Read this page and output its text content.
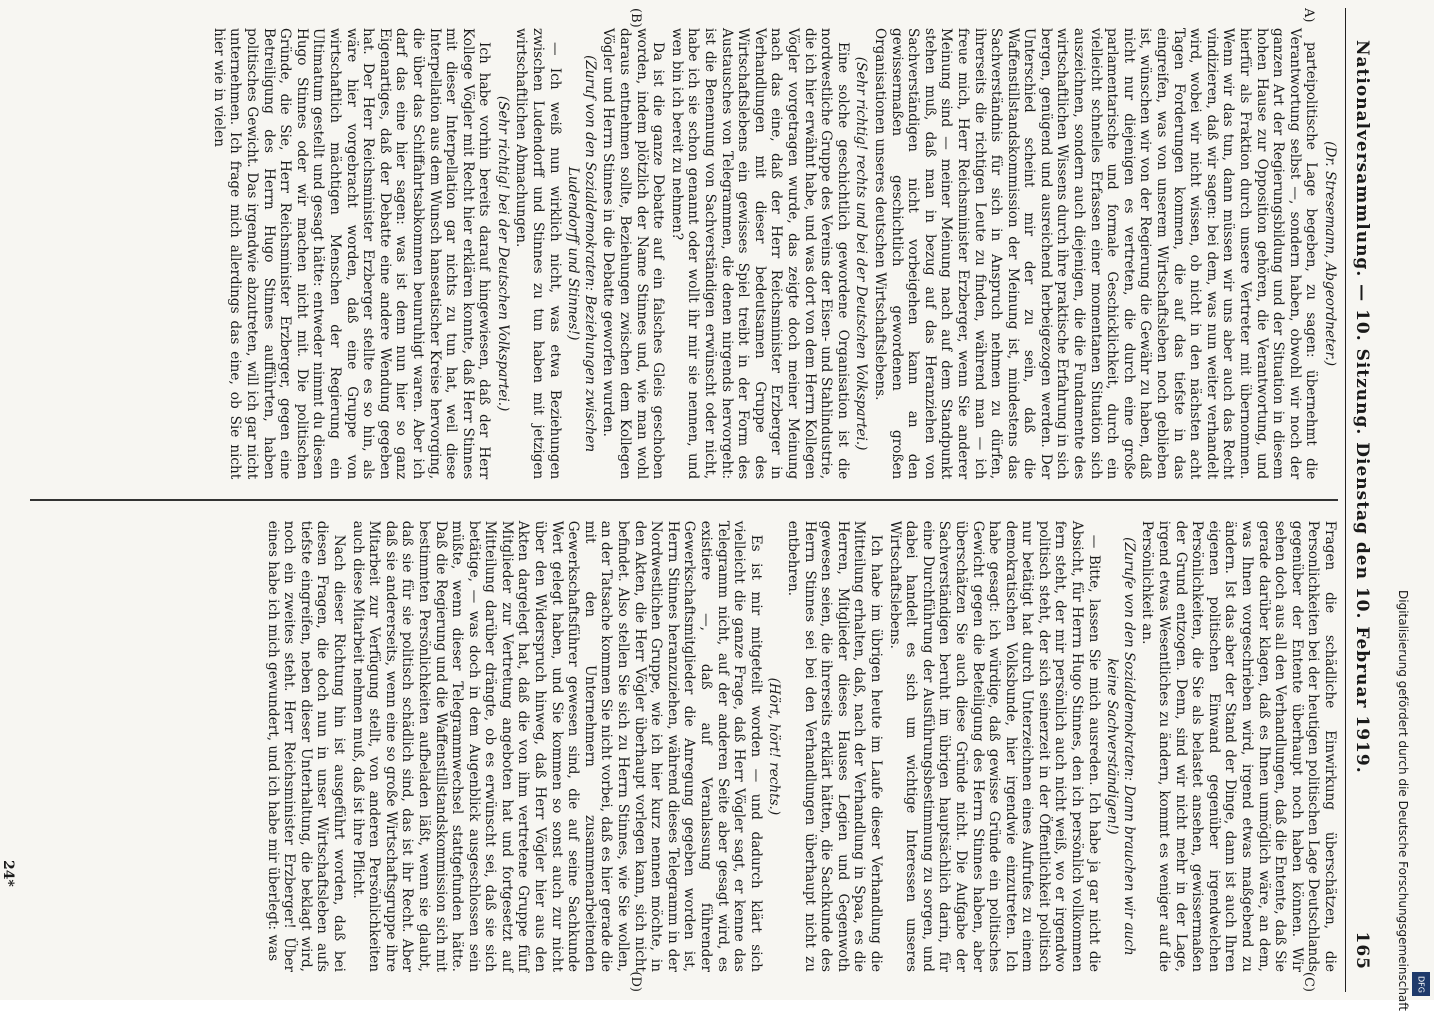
Nationalversammlung. — 10. Sitzung. Dienstag den 10. Februar 1919.
165
A)
(B)

(Dr. Stresemann, Abgeordneter.)

parteipolitische Lage begeben, zu sagen: übernehmt die Verantwortung selbst —, sondern haben, obwohl wir noch der ganzen Art der Regierungsbildung und der Situation in diesem hohen Hause zur Opposition gehören, die Verantwortung, und hierfür als Fraktion durch unsere Vertreter mit übernommen. Wenn wir das tun, dann müssen wir uns aber auch das Recht vindizieren, daß wir sagen: bei dem, was nun weiter verhandelt wird, wobei wir nicht wissen, ob nicht in den nächsten acht Tagen Forderungen kommen, die auf das tiefste in das eingreifen, was von unserem Wirtschaftsleben noch geblieben ist, wünschen wir von der Regierung die Gewähr zu haben, daß nicht nur diejenigen es vertreten, die durch eine große parlamentarische und formale Geschicklichkeit, durch ein vielleicht schnelles Erfassen einer momentanen Situation sich auszeichnen, sondern auch diejenigen, die die Fundamente des wirtschaftlichen Wissens durch ihre praktische Erfahrung in sich bergen, genügend und ausreichend herbeigezogen werden. Der Unterschied scheint mir der zu sein, daß die Waffenstillstandskommission der Meinung ist, mindestens das Sachverständnis für sich in Anspruch nehmen zu dürfen, ihrerseits die richtigen Leute zu finden, während man — ich freue mich, Herr Reichsminister Erzberger, wenn Sie anderer Meinung sind — meiner Meinung nach auf dem Standpunkt stehen muß, daß man in bezug auf das Heranziehen von Sachverständigen nicht vorbeigehen kann an den gewissermaßen geschichtlich gewordenen großen Organisationen unseres deutschen Wirtschaftslebens.

(Sehr richtig! rechts und bei der Deutschen Volkspartei.)

Eine solche geschichtlich gewordene Organisation ist die nordwestliche Gruppe des Vereins der Eisen- und Stahlindustrie, die ich hier erwähnt habe, und was dort von dem Herrn Kollegen Vögler vorgetragen wurde, das zeigte doch meiner Meinung nach das eine, daß der Herr Reichsminister Erzberger in Verhandlungen mit dieser bedeutsamen Gruppe des Wirtschaftslebens ein gewisses Spiel treibt in der Form des Austausches von Telegrammen, die denen nirgends hervorgeht: ist die Benennung von Sachverständigen erwünscht oder nicht, habe ich sie schon genannt oder wollt ihr mir sie nennen, und wen bin ich bereit zu nehmen?

Da ist die ganze Debatte auf ein falsches Gleis geschoben worden, indem plötzlich der Name Stinnes und, wie man wohl daraus entnehmen sollte, Beziehungen zwischen dem Kollegen Vögler und Herrn Stinnes in die Debatte geworfen wurden.

(Zuruf von den Sozialdemokraten: Beziehungen zwischen Ludendorff und Stinnes!)

— Ich weiß nun wirklich nicht, was etwa Beziehungen zwischen Ludendorff und Stinnes zu tun haben mit jetzigen wirtschaftlichen Abmachungen.

(Sehr richtig! bei der Deutschen Volkspartei.)

Ich habe vorhin bereits darauf hingewiesen, daß der Herr Kollege Vögler mit Recht hier erklären konnte, daß Herr Stinnes mit dieser Interpellation gar nichts zu tun hat, weil diese Interpellation aus dem Wunsch hanseatischer Kreise hervorging, die über das Schiffahrtsabkommen beunruhigt waren. Aber ich darf das eine hier sagen: was ist denn nun hier so ganz Eigenartiges, daß der Debatte eine andere Wendung gegeben hat. Der Herr Reichsminister Erzberger stellte es so hin, als wäre hier vorgebracht worden, daß eine Gruppe von wirtschaftlich mächtigen Menschen der Regierung ein Ultimatum gestellt und gesagt hätte: entweder nimmt du diesen Hugo Stinnes oder wir machen nicht mit. Die politischen Gründe, die Sie, Herr Reichsminister Erzberger, gegen eine Betreiligung des Herrn Hugo Stinnes aufführten, haben politisches Gewicht. Das irgendwie abzutreten, will ich gar nicht unternehmen. Ich frage mich allerdings das eine, ob Sie nicht hier wie in vielen

(C)
(D)

Fragen die schädliche Einwirkung überschätzen, die Personlichkeiten bei der heutigen politischen Lage Deutschlands gegenüber der Entente überhaupt noch haben können. Wir sehen doch aus all den Verhandlungen, daß die Entente, daß Sie gerade darüber klagen, daß es Ihnen unmöglich wäre, an dem, was Ihnen vorgeschrieben wird, irgend etwas maßgebend zu ändern. Ist das aber der Stand der Dinge, dann ist auch Ihren eigenen politischen Einwand gegenüber irgendwelchen Persönlichkeiten, die Sie als belastet ansehen, gewissermaßen der Grund entzogen. Denn, sind wir nicht mehr in der Lage, irgend etwas Wesentliches zu ändern, kommt es weniger auf die Persönlichkeit an.

(Zurufe von den Sozialdemokraten: Dann brauchen wir auch keine Sachverständigen!)

— Bitte, lassen Sie mich ausreden. Ich habe ja gar nicht die Absicht, für Herrn Hugo Stinnes, den ich persönlich vollkommen fern steht, der mir persönlich auch nicht weiß, wo er irgendwo politisch steht, der sich seinerzeit in der Öffentlichkeit politisch nur betätigt hat durch Unterzeichnen eines Aufrufes zu einem demokratischen Volksbunde, hier irgendwie einzutreten. Ich habe gesagt: ich würdige, daß gewisse Gründe ein politisches Gewicht gegen die Beteiligung des Herrn Stinnes haben, aber überschätzen Sie auch diese Gründe nicht. Die Aufgabe der Sachverständigen beruht im übrigen hauptsächlich darin, für eine Durchführung der Ausführungsbestimmung zu sorgen, und dabei handelt es sich um wichtige Interessen unseres Wirtschaftslebens.

Ich habe im übrigen heute im Laufe dieser Verhandlung die Mitteilung erhalten, daß, nach der Verhandlung in Spaa, es die Herren, Mitglieder dieses Hauses Legien und Gegenwoth gewesen seien, die ihrerseits erklärt hätten, die Sachkunde des Herrn Stinnes sei bei den Verhandlungen überhaupt nicht zu entbehren.

(Hört, hört! rechts.)

Es ist mir mitgeteilt worden — und dadurch klärt sich vielleicht die ganze Frage, daß Herr Vögler sagt, er kenne das Telegramm nicht, auf der anderen Seite aber gesagt wird, es existiere —, daß auf Veranlassung führender Gewerkschaftsmitglieder die Anregung gegeben worden ist, Herrn Stinnes heranzuziehen, während dieses Telegramm in der Nordwestlichen Gruppe, wie ich hier kurz nennen möchte, in den Akten, die Herr Vögler überhaupt vorlegen kann, sich nicht befindet. Also stellen Sie sich zu Herrn Stinnes, wie Sie wollen, an der Tatsache kommen Sie nicht vorbei, daß es hier gerade die mit den Unternehmern zusammenarbeitenden Gewerkschaftsführer gewesen sind, die auf seine Sachkunde Wert gelegt haben, und Sie kommen so sonst auch zur nicht über den Widerspruch hinweg, daß Herr Vögler hier aus den Akten dargelegt hat, daß die von ihm vertretene Gruppe fünf Mitglieder zur Vertretung angeboten hat und fortgesetzt auf Mitteilung darüber drängte, ob es erwünscht sei, daß sie sich betätige, — was doch in dem Augenblick ausgeschlossen sein müßte, wenn dieser Telegrammwechsel stattgefunden hätte. Daß die Regierung und die Waffenstillstandskommission sich mit bestimmten Persönlichkeiten aufbeladen läßt, wenn sie glaubt, daß sie für sie politisch schädlich sind, das ist ihr Recht. Aber daß sie andererseits, wenn eine so große Wirtschaftsgruppe ihre Mitarbeit zur Verfügung stellt, von anderen Persönlichkeiten auch diese Mitarbeit nehmen muß, daß ist ihre Pflicht.

Nach dieser Richtung hin ist ausgeführt worden, daß bei diesen Fragen, die doch nun in unser Wirtschaftsleben aufs tiefste eingreifen, neben dieser Unterhaltung, die beklagt wird, noch ein zweites steht. Herr Reichsminister Erzberger! Über eines habe ich mich gewundert, und ich habe mir überlegt: was

24*	Digitalisierung gefördert durch die Deutsche Forschungsgemeinschaft DFG
